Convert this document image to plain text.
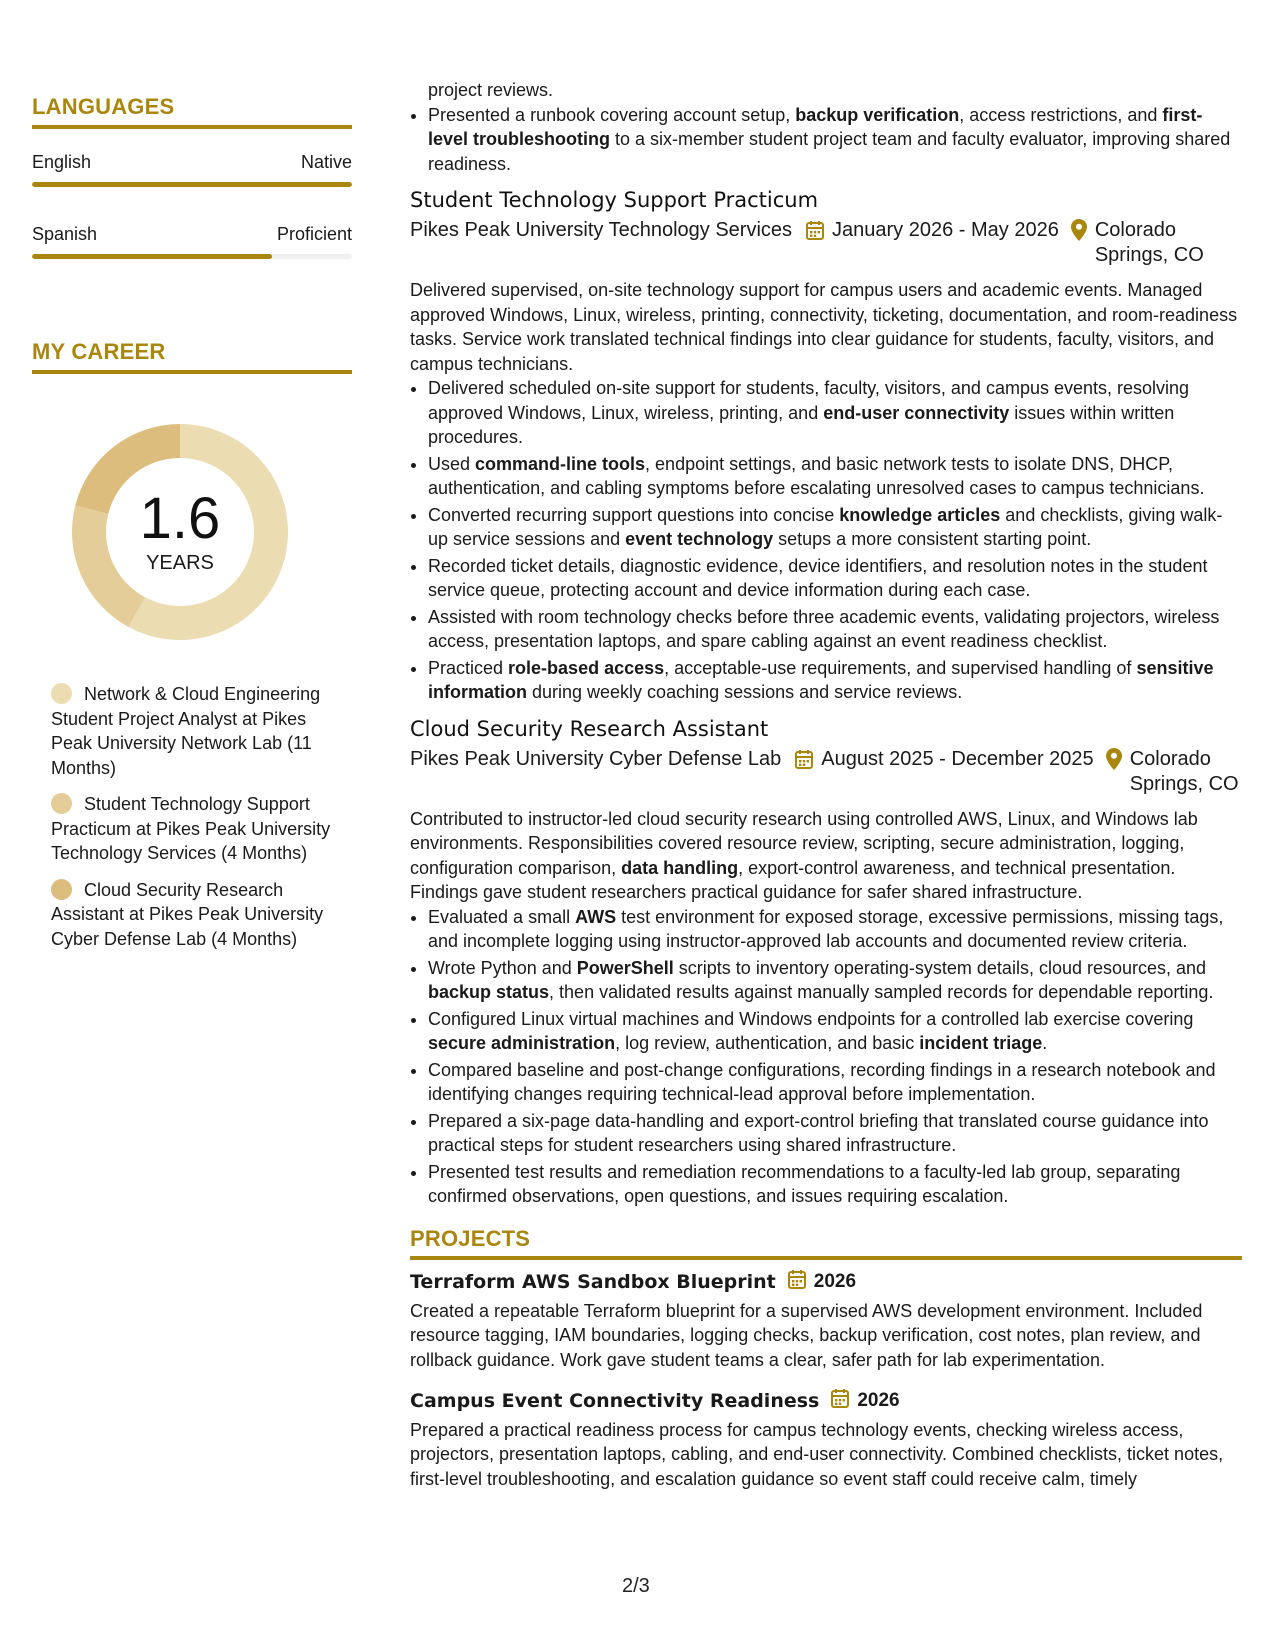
LANGUAGES
English	Native
Spanish	Proficient
MY CAREER
1.6
YEARS
Network & Cloud Engineering Student Project Analyst at Pikes Peak University Network Lab (11 Months)
Student Technology Support Practicum at Pikes Peak University Technology Services (4 Months)
Cloud Security Research Assistant at Pikes Peak University Cyber Defense Lab (4 Months)
project reviews.
• Presented a runbook covering account setup, backup verification, access restrictions, and first-level troubleshooting to a six-member student project team and faculty evaluator, improving shared readiness.
Student Technology Support Practicum
Pikes Peak University Technology Services January 2026 - May 2026 Colorado Springs, CO
Delivered supervised, on-site technology support for campus users and academic events. Managed approved Windows, Linux, wireless, printing, connectivity, ticketing, documentation, and room-readiness tasks. Service work translated technical findings into clear guidance for students, faculty, visitors, and campus technicians.
• Delivered scheduled on-site support for students, faculty, visitors, and campus events, resolving approved Windows, Linux, wireless, printing, and end-user connectivity issues within written procedures.
• Used command-line tools, endpoint settings, and basic network tests to isolate DNS, DHCP, authentication, and cabling symptoms before escalating unresolved cases to campus technicians.
• Converted recurring support questions into concise knowledge articles and checklists, giving walk-up service sessions and event technology setups a more consistent starting point.
• Recorded ticket details, diagnostic evidence, device identifiers, and resolution notes in the student service queue, protecting account and device information during each case.
• Assisted with room technology checks before three academic events, validating projectors, wireless access, presentation laptops, and spare cabling against an event readiness checklist.
• Practiced role-based access, acceptable-use requirements, and supervised handling of sensitive information during weekly coaching sessions and service reviews.
Cloud Security Research Assistant
Pikes Peak University Cyber Defense Lab August 2025 - December 2025 Colorado Springs, CO
Contributed to instructor-led cloud security research using controlled AWS, Linux, and Windows lab environments. Responsibilities covered resource review, scripting, secure administration, logging, configuration comparison, data handling, export-control awareness, and technical presentation. Findings gave student researchers practical guidance for safer shared infrastructure.
• Evaluated a small AWS test environment for exposed storage, excessive permissions, missing tags, and incomplete logging using instructor-approved lab accounts and documented review criteria.
• Wrote Python and PowerShell scripts to inventory operating-system details, cloud resources, and backup status, then validated results against manually sampled records for dependable reporting.
• Configured Linux virtual machines and Windows endpoints for a controlled lab exercise covering secure administration, log review, authentication, and basic incident triage.
• Compared baseline and post-change configurations, recording findings in a research notebook and identifying changes requiring technical-lead approval before implementation.
• Prepared a six-page data-handling and export-control briefing that translated course guidance into practical steps for student researchers using shared infrastructure.
• Presented test results and remediation recommendations to a faculty-led lab group, separating confirmed observations, open questions, and issues requiring escalation.
PROJECTS
Terraform AWS Sandbox Blueprint 2026
Created a repeatable Terraform blueprint for a supervised AWS development environment. Included resource tagging, IAM boundaries, logging checks, backup verification, cost notes, plan review, and rollback guidance. Work gave student teams a clear, safer path for lab experimentation.
Campus Event Connectivity Readiness 2026
Prepared a practical readiness process for campus technology events, checking wireless access, projectors, presentation laptops, cabling, and end-user connectivity. Combined checklists, ticket notes, first-level troubleshooting, and escalation guidance so event staff could receive calm, timely
2/3
